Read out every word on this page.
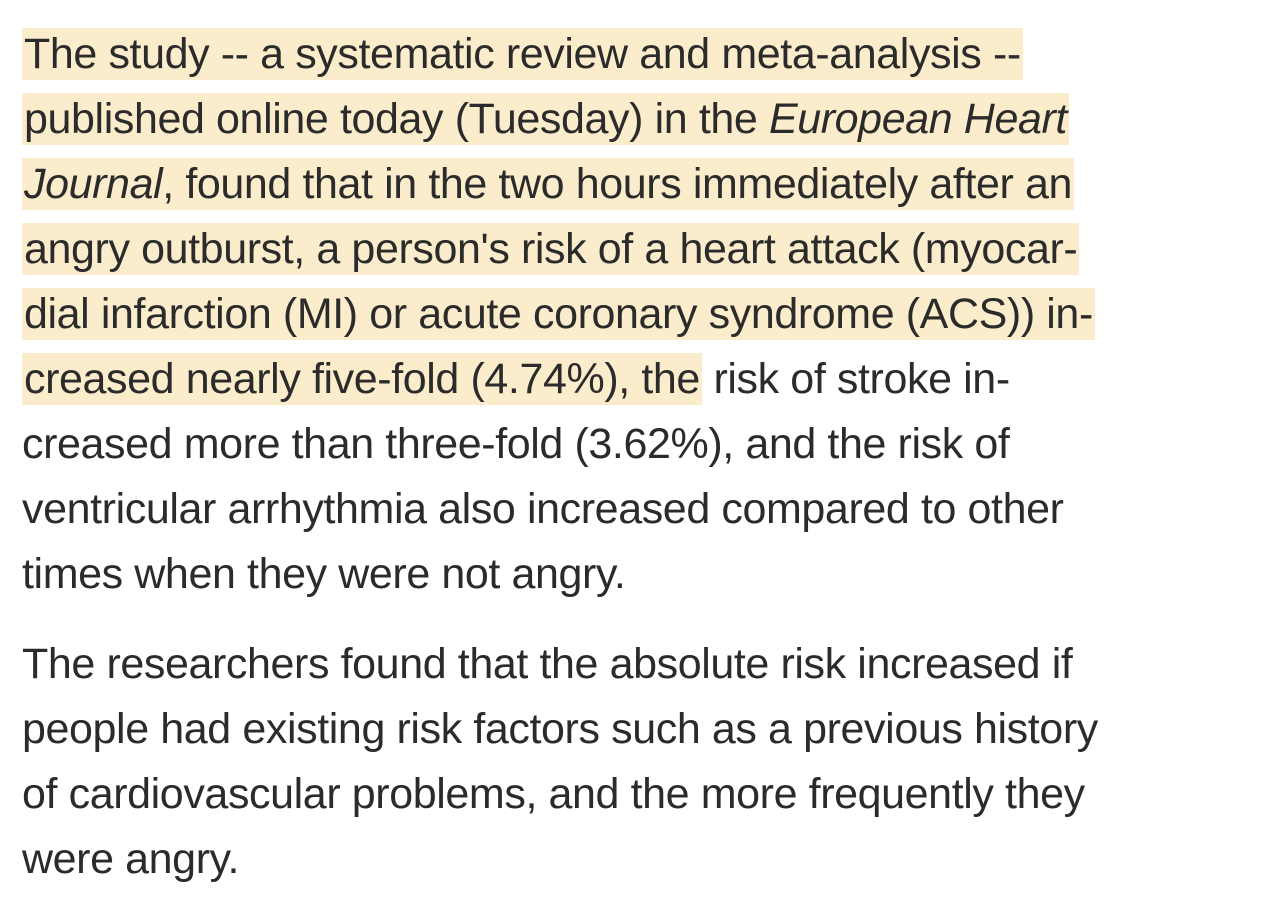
The study -- a systematic review and meta-analysis --
published online today (Tuesday) in the European Heart
Journal, found that in the two hours immediately after an
angry outburst, a person's risk of a heart attack (myocar-
dial infarction (MI) or acute coronary syndrome (ACS)) in-
creased nearly five-fold (4.74%), the risk of stroke in-
creased more than three-fold (3.62%), and the risk of
ventricular arrhythmia also increased compared to other
times when they were not angry.

The researchers found that the absolute risk increased if
people had existing risk factors such as a previous history
of cardiovascular problems, and the more frequently they
were angry.
